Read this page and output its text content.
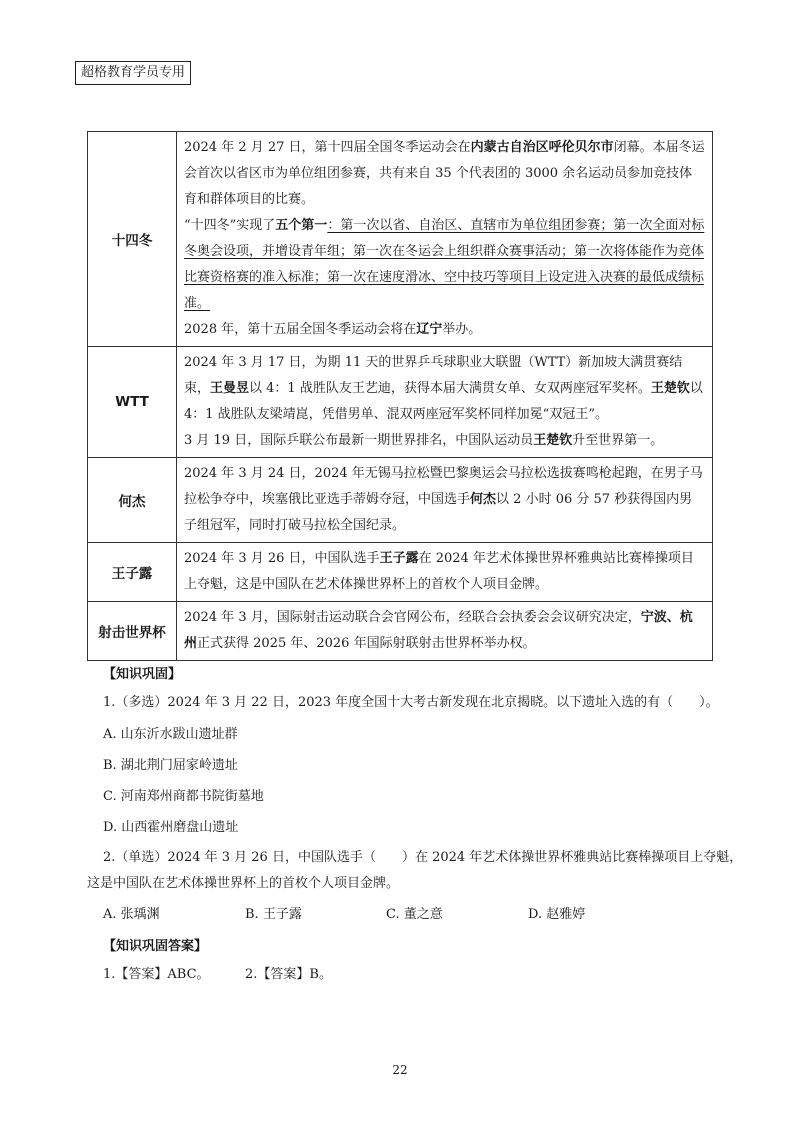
超格教育学员专用
十四冬	2024 年 2 月 27 日，第十四届全国冬季运动会在内蒙古自治区呼伦贝尔市闭幕。本届冬运会首次以省区市为单位组团参赛，共有来自 35 个代表团的 3000 余名运动员参加竞技体育和群体项目的比赛。

“十四冬”实现了五个第一：第一次以省、自治区、直辖市为单位组团参赛；第一次全面对标冬奥会设项，并增设青年组；第一次在冬运会上组织群众赛事活动；第一次将体能作为竞体比赛资格赛的准入标准；第一次在速度滑冰、空中技巧等项目上设定进入决赛的最低成绩标准。

2028 年，第十五届全国冬季运动会将在辽宁举办。

WTT	2024 年 3 月 17 日，为期 11 天的世界乒乓球职业大联盟（WTT）新加坡大满贯赛结束，王曼昱以 4：1 战胜队友王艺迪，获得本届大满贯女单、女双两座冠军奖杯。王楚钦以 4：1 战胜队友梁靖崑，凭借男单、混双两座冠军奖杯同样加冕“双冠王”。

3 月 19 日，国际乒联公布最新一期世界排名，中国队运动员王楚钦升至世界第一。

何杰	2024 年 3 月 24 日，2024 年无锡马拉松暨巴黎奥运会马拉松选拔赛鸣枪起跑，在男子马拉松争夺中，埃塞俄比亚选手蒂姆夺冠，中国选手何杰以 2 小时 06 分 57 秒获得国内男子组冠军，同时打破马拉松全国纪录。

王子露	2024 年 3 月 26 日，中国队选手王子露在 2024 年艺术体操世界杯雅典站比赛棒操项目上夺魁，这是中国队在艺术体操世界杯上的首枚个人项目金牌。

射击世界杯	2024 年 3 月，国际射击运动联合会官网公布，经联合会执委会会议研究决定，宁波、杭州正式获得 2025 年、2026 年国际射联射击世界杯举办权。

【知识巩固】
1.（多选）2024 年 3 月 22 日，2023 年度全国十大考古新发现在北京揭晓。以下遗址入选的有（　　）。
A. 山东沂水跋山遗址群
B. 湖北荆门屈家岭遗址
C. 河南郑州商都书院街墓地
D. 山西霍州磨盘山遗址
2.（单选）2024 年 3 月 26 日，中国队选手（　　）在 2024 年艺术体操世界杯雅典站比赛棒操项目上夺魁，
这是中国队在艺术体操世界杯上的首枚个人项目金牌。
A. 张瑀渊	B. 王子露	C. 董之意	D. 赵雅婷
【知识巩固答案】
1.【答案】ABC。	2.【答案】B。
22
